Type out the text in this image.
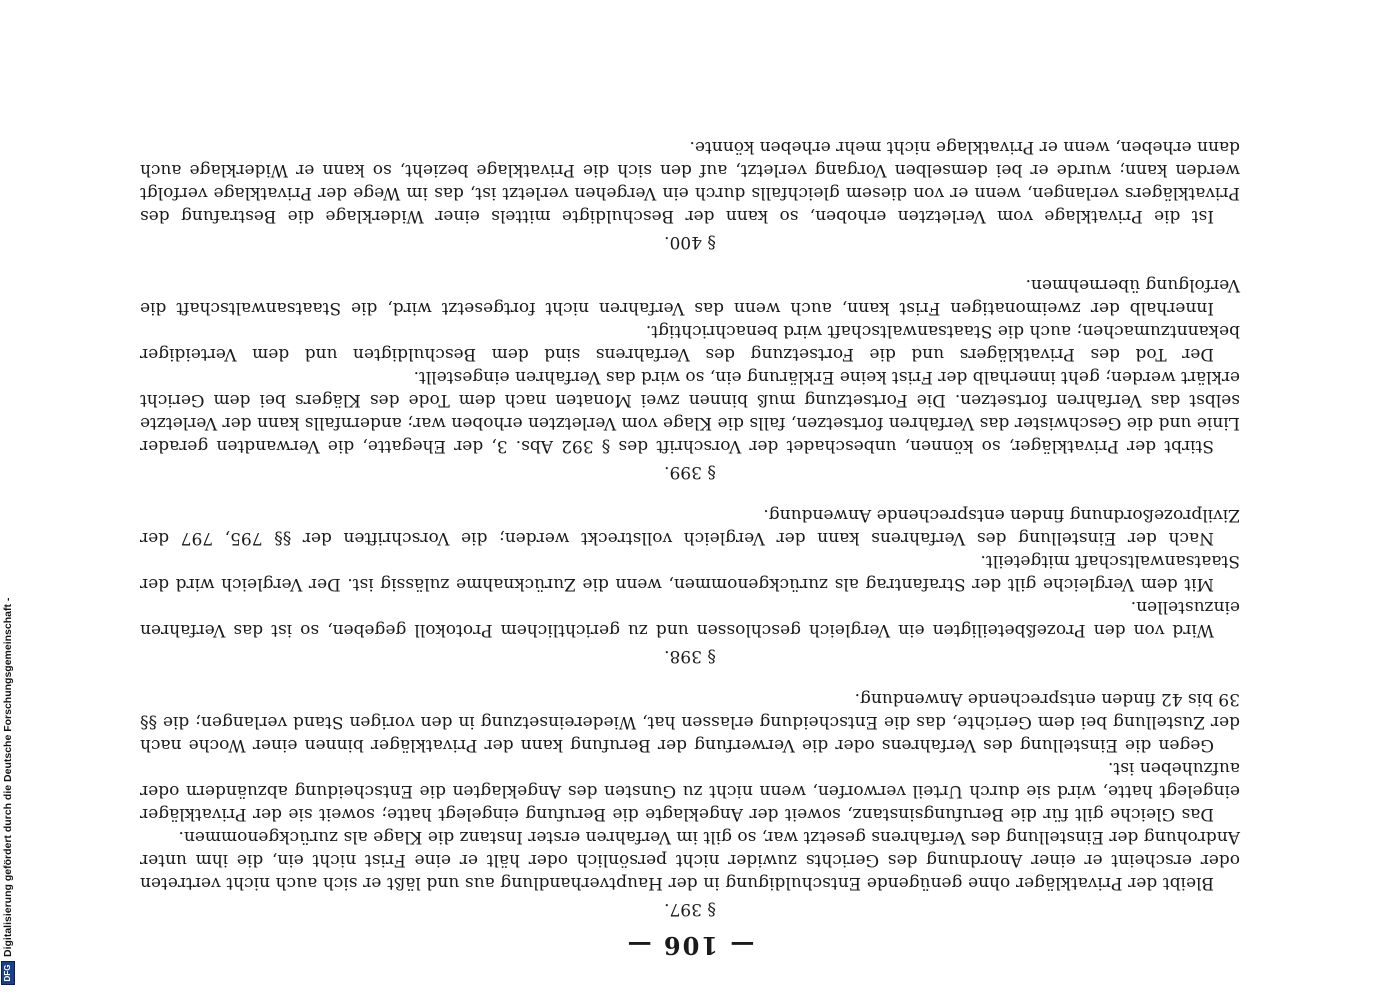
— 106 —
§ 397.

Bleibt der Privatkläger ohne genügende Entschuldigung in der Hauptverhandlung aus und läßt er sich auch nicht vertreten oder erscheint er einer Anordnung des Gerichts zuwider nicht persönlich oder hält er eine Frist nicht ein, die ihm unter Androhung der Einstellung des Verfahrens gesetzt war, so gilt im Verfahren erster Instanz die Klage als zurückgenommen.

Das Gleiche gilt für die Berufungsinstanz, soweit der Angeklagte die Berufung eingelegt hatte; soweit sie der Privatkläger eingelegt hatte, wird sie durch Urteil verworfen, wenn nicht zu Gunsten des Angeklagten die Entscheidung abzuändern oder aufzuheben ist.

Gegen die Einstellung des Verfahrens oder die Verwerfung der Berufung kann der Privatkläger binnen einer Woche nach der Zustellung bei dem Gerichte, das die Entscheidung erlassen hat, Wiedereinsetzung in den vorigen Stand verlangen; die §§ 39 bis 42 finden entsprechende Anwendung.

§ 398.

Wird von den Prozeßbeteiligten ein Vergleich geschlossen und zu gerichtlichem Protokoll gegeben, so ist das Verfahren einzustellen.

Mit dem Vergleiche gilt der Strafantrag als zurückgenommen, wenn die Zurücknahme zulässig ist. Der Vergleich wird der Staatsanwaltschaft mitgeteilt.

Nach der Einstellung des Verfahrens kann der Vergleich vollstreckt werden; die Vorschriften der §§ 795, 797 der Zivilprozeßordnung finden entsprechende Anwendung.

§ 399.

Stirbt der Privatkläger, so können, unbeschadet der Vorschrift des § 392 Abs. 3, der Ehegatte, die Verwandten gerader Linie und die Geschwister das Verfahren fortsetzen, falls die Klage vom Verletzten erhoben war; andernfalls kann der Verletzte selbst das Verfahren fortsetzen. Die Fortsetzung muß binnen zwei Monaten nach dem Tode des Klägers bei dem Gericht erklärt werden; geht innerhalb der Frist keine Erklärung ein, so wird das Verfahren eingestellt.

Der Tod des Privatklägers und die Fortsetzung des Verfahrens sind dem Beschuldigten und dem Verteidiger bekanntzumachen; auch die Staatsanwaltschaft wird benachrichtigt.

Innerhalb der zweimonatigen Frist kann, auch wenn das Verfahren nicht fortgesetzt wird, die Staatsanwaltschaft die Verfolgung übernehmen.

§ 400.

Ist die Privatklage vom Verletzten erhoben, so kann der Beschuldigte mittels einer Widerklage die Bestrafung des Privatklägers verlangen, wenn er von diesem gleichfalls durch ein Vergehen verletzt ist, das im Wege der Privatklage verfolgt werden kann; wurde er bei demselben Vorgang verletzt, auf den sich die Privatklage bezieht, so kann er Widerklage auch dann erheben, wenn er Privatklage nicht mehr erheben könnte.

DFG
Digitalisierung gefördert durch die Deutsche Forschungsgemeinschaft -
